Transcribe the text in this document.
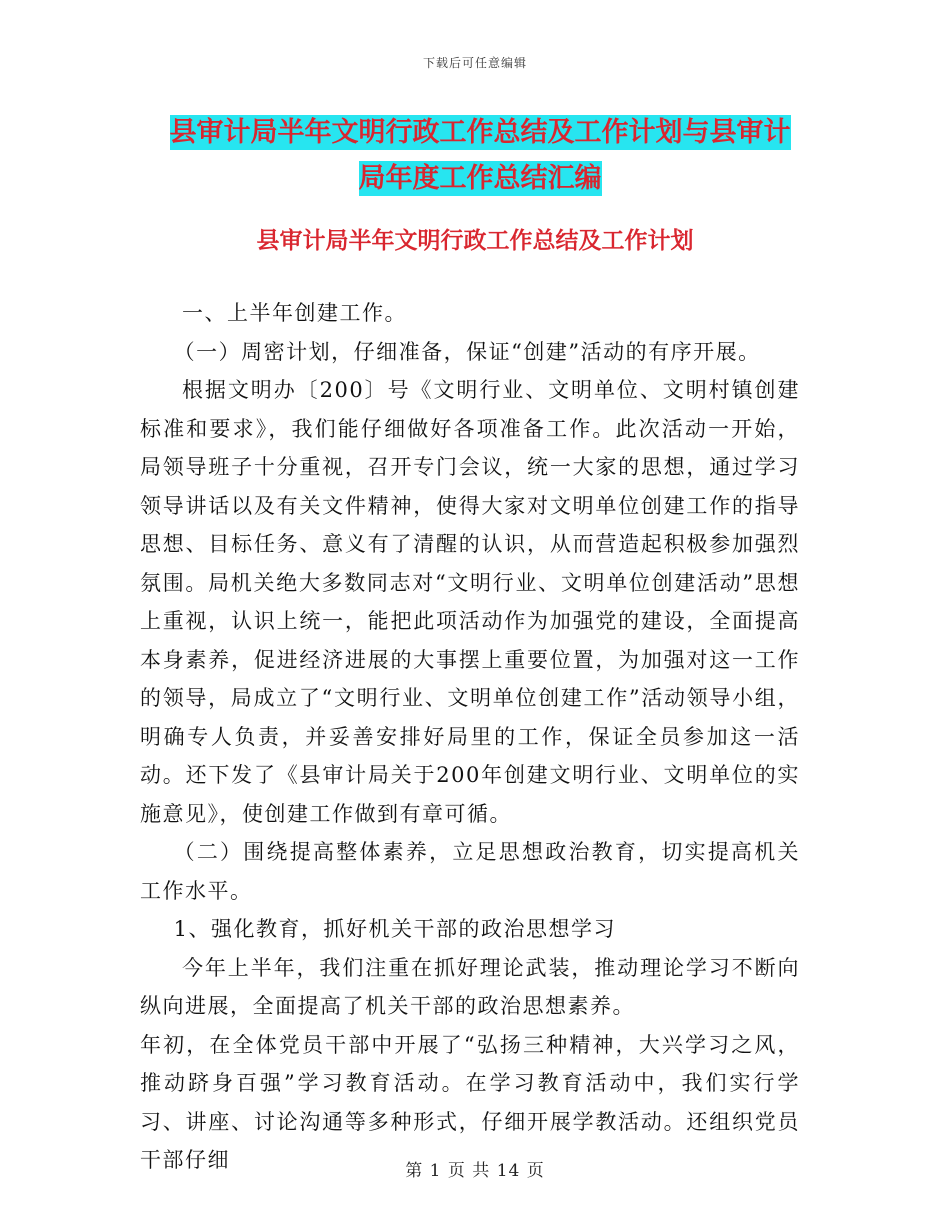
下载后可任意编辑
县审计局半年文明行政工作总结及工作计划与县审计
局年度工作总结汇编
县审计局半年文明行政工作总结及工作计划

一、上半年创建工作。

（一）周密计划，仔细准备，保证“创建”活动的有序开展。

根据文明办〔200〕号《文明行业、文明单位、文明村镇创建标准和要求》，我们能仔细做好各项准备工作。此次活动一开始，局领导班子十分重视，召开专门会议，统一大家的思想，通过学习领导讲话以及有关文件精神，使得大家对文明单位创建工作的指导思想、目标任务、意义有了清醒的认识，从而营造起积极参加强烈氛围。局机关绝大多数同志对“文明行业、文明单位创建活动”思想上重视，认识上统一，能把此项活动作为加强党的建设，全面提高本身素养，促进经济进展的大事摆上重要位置，为加强对这一工作的领导，局成立了“文明行业、文明单位创建工作”活动领导小组，明确专人负责，并妥善安排好局里的工作，保证全员参加这一活动。还下发了《县审计局关于200年创建文明行业、文明单位的实施意见》，使创建工作做到有章可循。

（二）围绕提高整体素养，立足思想政治教育，切实提高机关工作水平。

1、强化教育，抓好机关干部的政治思想学习

今年上半年，我们注重在抓好理论武装，推动理论学习不断向纵向进展，全面提高了机关干部的政治思想素养。

年初，在全体党员干部中开展了“弘扬三种精神，大兴学习之风，推动跻身百强”学习教育活动。在学习教育活动中，我们实行学习、讲座、讨论沟通等多种形式，仔细开展学教活动。还组织党员干部仔细	第 1 页 共 14 页
